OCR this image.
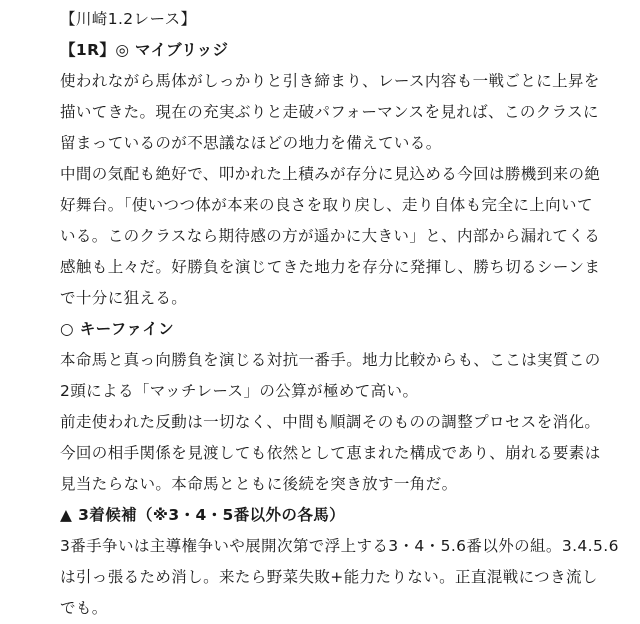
【川崎1.2レース】
【1R】◎ マイブリッジ
使われながら馬体がしっかりと引き締まり、レース内容も一戦ごとに上昇を
描いてきた。現在の充実ぶりと走破パフォーマンスを見れば、このクラスに
留まっているのが不思議なほどの地力を備えている。
中間の気配も絶好で、叩かれた上積みが存分に見込める今回は勝機到来の絶
好舞台。「使いつつ体が本来の良さを取り戻し、走り自体も完全に上向いて
いる。このクラスなら期待感の方が遥かに大きい」と、内部から漏れてくる
感触も上々だ。好勝負を演じてきた地力を存分に発揮し、勝ち切るシーンま
で十分に狙える。
○ キーファイン
本命馬と真っ向勝負を演じる対抗一番手。地力比較からも、ここは実質この
2頭による「マッチレース」の公算が極めて高い。
前走使われた反動は一切なく、中間も順調そのものの調整プロセスを消化。
今回の相手関係を見渡しても依然として恵まれた構成であり、崩れる要素は
見当たらない。本命馬とともに後続を突き放す一角だ。
▲ 3着候補（※3・4・5番以外の各馬）
3番手争いは主導権争いや展開次第で浮上する3・4・5.6番以外の組。3.4.5.6
は引っ張るため消し。来たら野菜失敗+能力たりない。正直混戦につき流し
でも。
